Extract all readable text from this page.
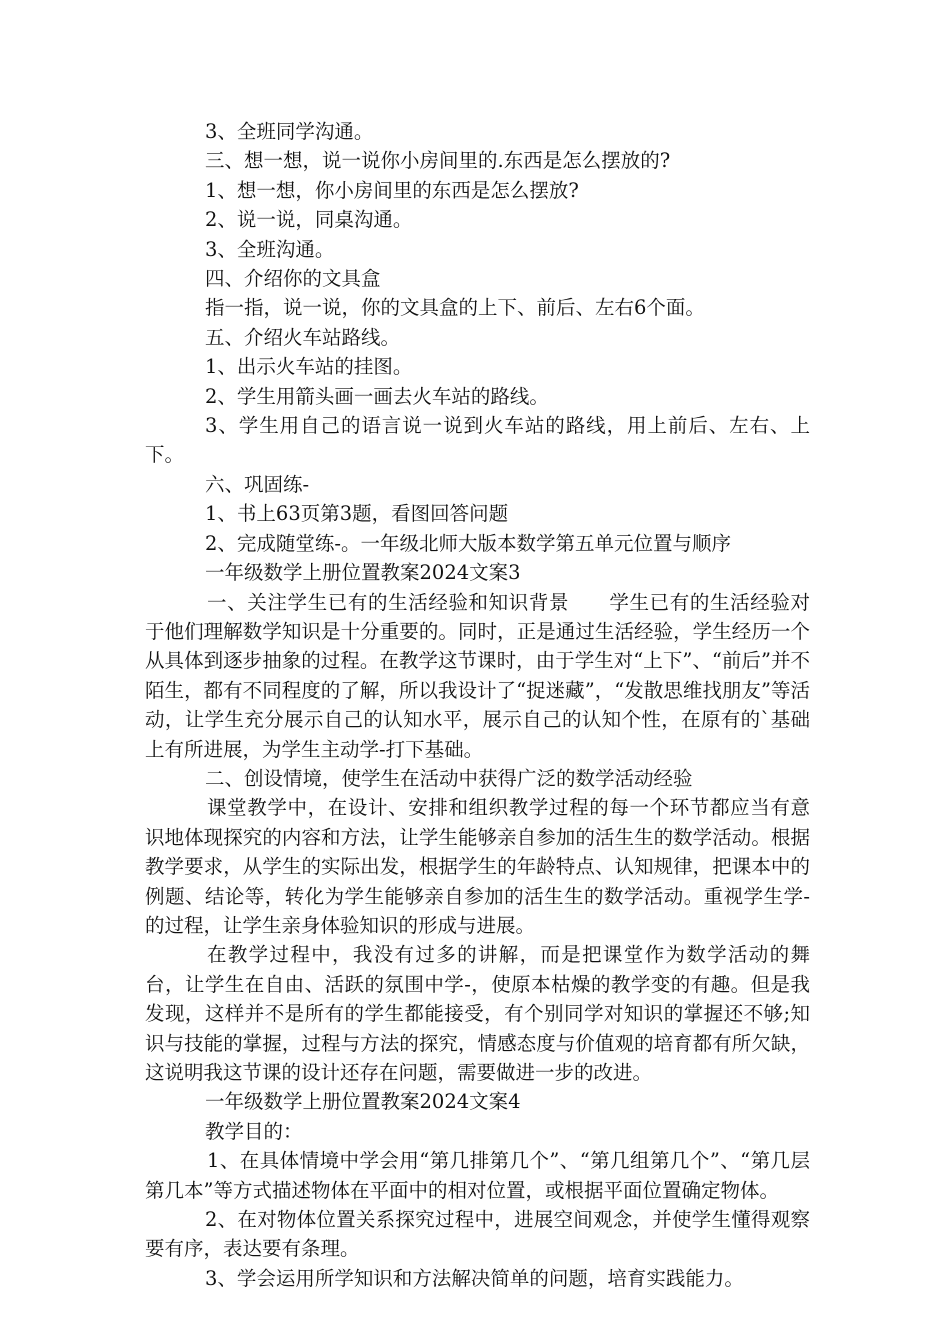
3、全班同学沟通。

三、想一想，说一说你小房间里的.东西是怎么摆放的?

1、想一想，你小房间里的东西是怎么摆放?

2、说一说，同桌沟通。

3、全班沟通。

四、介绍你的文具盒

指一指，说一说，你的文具盒的上下、前后、左右6个面。

五、介绍火车站路线。

1、出示火车站的挂图。

2、学生用箭头画一画去火车站的路线。

3、学生用自己的语言说一说到火车站的路线，用上前后、左右、上下。

六、巩固练-

1、书上63页第3题，看图回答问题

2、完成随堂练-。一年级北师大版本数学第五单元位置与顺序

一年级数学上册位置教案2024文案3

一、关注学生已有的生活经验和知识背景　　学生已有的生活经验对于他们理解数学知识是十分重要的。同时，正是通过生活经验，学生经历一个从具体到逐步抽象的过程。在教学这节课时，由于学生对“上下”、“前后”并不陌生，都有不同程度的了解，所以我设计了“捉迷藏”，“发散思维找朋友”等活动，让学生充分展示自己的认知水平，展示自己的认知个性，在原有的`基础上有所进展，为学生主动学-打下基础。

二、创设情境，使学生在活动中获得广泛的数学活动经验

课堂教学中，在设计、安排和组织教学过程的每一个环节都应当有意识地体现探究的内容和方法，让学生能够亲自参加的活生生的数学活动。根据教学要求，从学生的实际出发，根据学生的年龄特点、认知规律，把课本中的例题、结论等，转化为学生能够亲自参加的活生生的数学活动。重视学生学-的过程，让学生亲身体验知识的形成与进展。

在教学过程中，我没有过多的讲解，而是把课堂作为数学活动的舞台，让学生在自由、活跃的氛围中学-，使原本枯燥的教学变的有趣。但是我发现，这样并不是所有的学生都能接受，有个别同学对知识的掌握还不够;知识与技能的掌握，过程与方法的探究，情感态度与价值观的培育都有所欠缺，这说明我这节课的设计还存在问题，需要做进一步的改进。

一年级数学上册位置教案2024文案4

教学目的：

1、在具体情境中学会用“第几排第几个”、“第几组第几个”、“第几层第几本”等方式描述物体在平面中的相对位置，或根据平面位置确定物体。

2、在对物体位置关系探究过程中，进展空间观念，并使学生懂得观察要有序，表达要有条理。

3、学会运用所学知识和方法解决简单的问题，培育实践能力。
